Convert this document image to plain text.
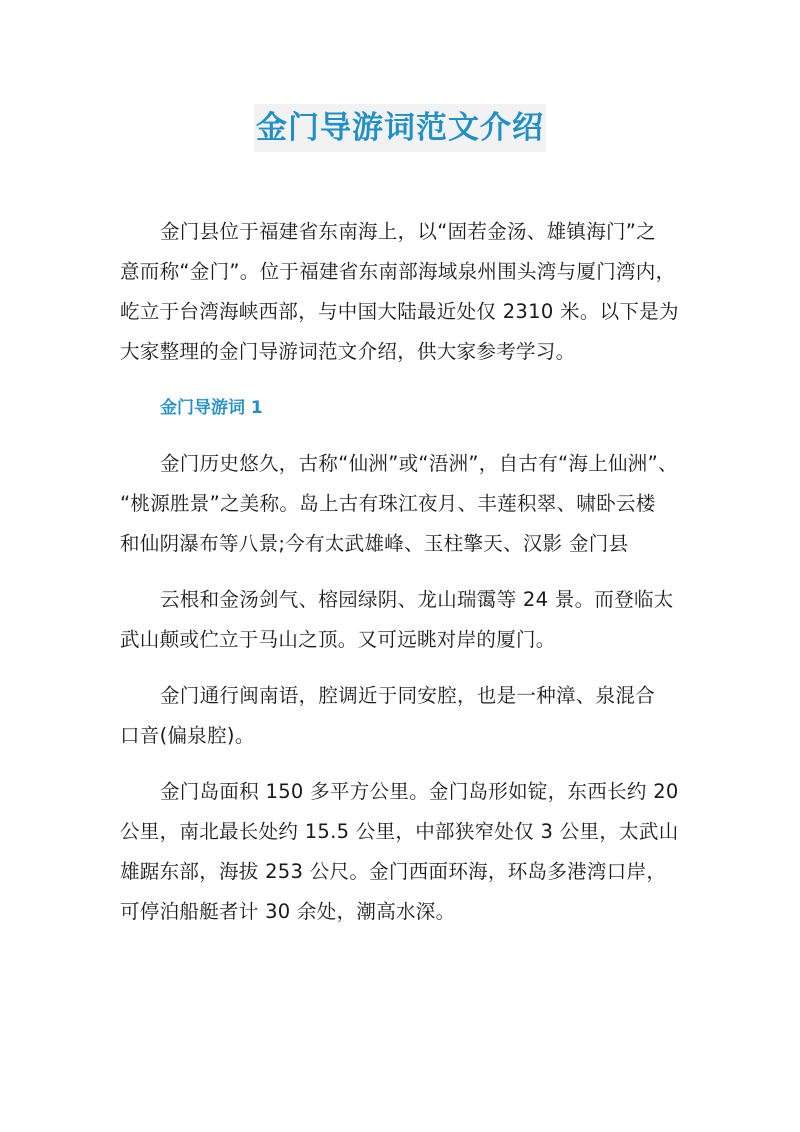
金门导游词范文介绍
金门县位于福建省东南海上，以“固若金汤、雄镇海门”之
意而称“金门”。位于福建省东南部海域泉州围头湾与厦门湾内，
屹立于台湾海峡西部，与中国大陆最近处仅 2310 米。以下是为
大家整理的金门导游词范文介绍，供大家参考学习。
金门导游词 1
金门历史悠久，古称“仙洲”或“浯洲”，自古有“海上仙洲”、
“桃源胜景”之美称。岛上古有珠江夜月、丰莲积翠、啸卧云楼
和仙阴瀑布等八景;今有太武雄峰、玉柱擎天、汉影 金门县
云根和金汤剑气、榕园绿阴、龙山瑞霭等 24 景。而登临太
武山颠或伫立于马山之顶。又可远眺对岸的厦门。
金门通行闽南语，腔调近于同安腔，也是一种漳、泉混合
口音(偏泉腔)。
金门岛面积 150 多平方公里。金门岛形如锭，东西长约 20
公里，南北最长处约 15.5 公里，中部狭窄处仅 3 公里，太武山
雄踞东部，海拔 253 公尺。金门西面环海，环岛多港湾口岸，
可停泊船艇者计 30 余处，潮高水深。
